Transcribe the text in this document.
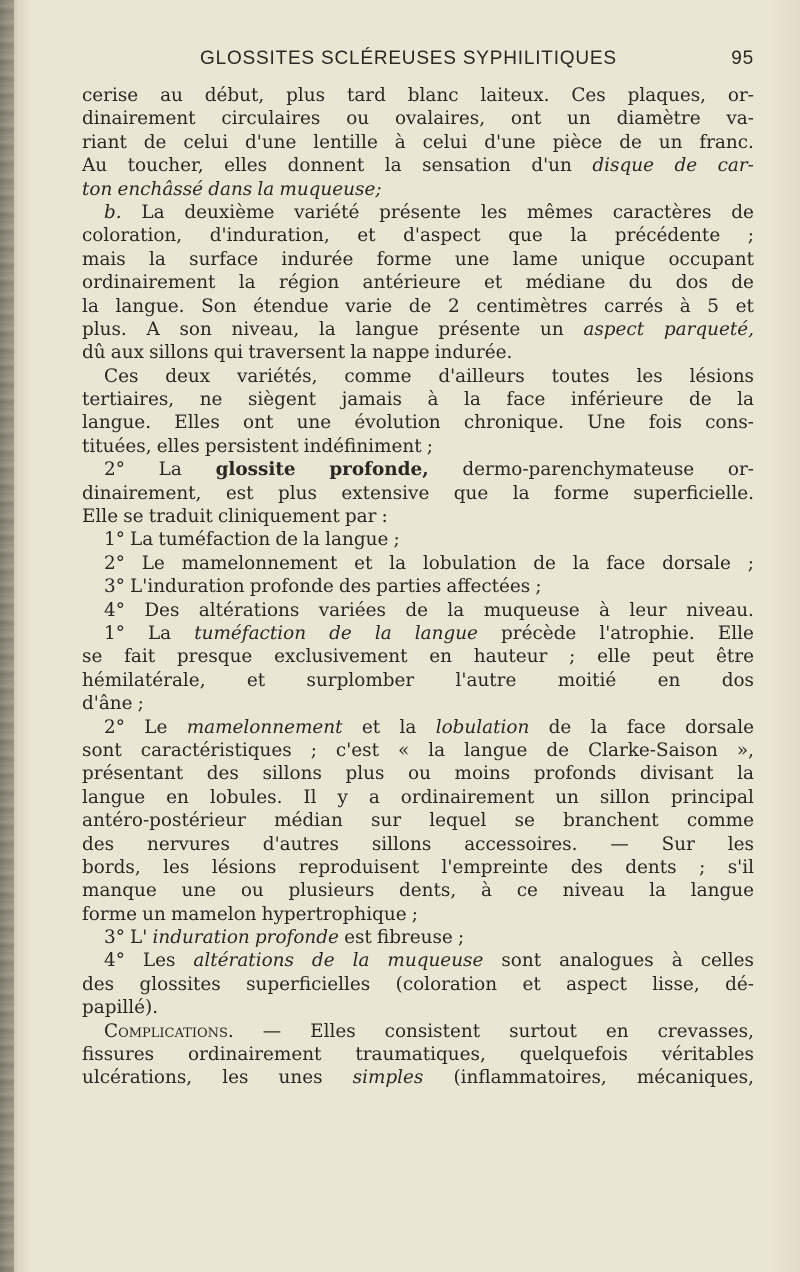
GLOSSITES SCLÉREUSES SYPHILITIQUES	95
cerise au début, plus tard blanc laiteux. Ces plaques, or-
dinairement circulaires ou ovalaires, ont un diamètre va-
riant de celui d'une lentille à celui d'une pièce de un franc.
Au toucher, elles donnent la sensation d'un disque de car-
ton enchâssé dans la muqueuse;
b. La deuxième variété présente les mêmes caractères de
coloration, d'induration, et d'aspect que la précédente ;
mais la surface indurée forme une lame unique occupant
ordinairement la région antérieure et médiane du dos de
la langue. Son étendue varie de 2 centimètres carrés à 5 et
plus. A son niveau, la langue présente un aspect parqueté,
dû aux sillons qui traversent la nappe indurée.
Ces deux variétés, comme d'ailleurs toutes les lésions
tertiaires, ne siègent jamais à la face inférieure de la
langue. Elles ont une évolution chronique. Une fois cons-
tituées, elles persistent indéfiniment ;
2° La glossite profonde, dermo-parenchymateuse or-
dinairement, est plus extensive que la forme superficielle.
Elle se traduit cliniquement par :
1° La tuméfaction de la langue ;
2° Le mamelonnement et la lobulation de la face dorsale ;
3° L'induration profonde des parties affectées ;
4° Des altérations variées de la muqueuse à leur niveau.
1° La tuméfaction de la langue précède l'atrophie. Elle
se fait presque exclusivement en hauteur ; elle peut être
hémilatérale, et surplomber l'autre moitié en dos
d'âne ;
2° Le mamelonnement et la lobulation de la face dorsale
sont caractéristiques ; c'est « la langue de Clarke-Saison »,
présentant des sillons plus ou moins profonds divisant la
langue en lobules. Il y a ordinairement un sillon principal
antéro-postérieur médian sur lequel se branchent comme
des nervures d'autres sillons accessoires. — Sur les
bords, les lésions reproduisent l'empreinte des dents ; s'il
manque une ou plusieurs dents, à ce niveau la langue
forme un mamelon hypertrophique ;
3° L' induration profonde est fibreuse ;
4° Les altérations de la muqueuse sont analogues à celles
des glossites superficielles (coloration et aspect lisse, dé-
papillé).
Complications. — Elles consistent surtout en crevasses,
fissures ordinairement traumatiques, quelquefois véritables
ulcérations, les unes simples (inflammatoires, mécaniques,
